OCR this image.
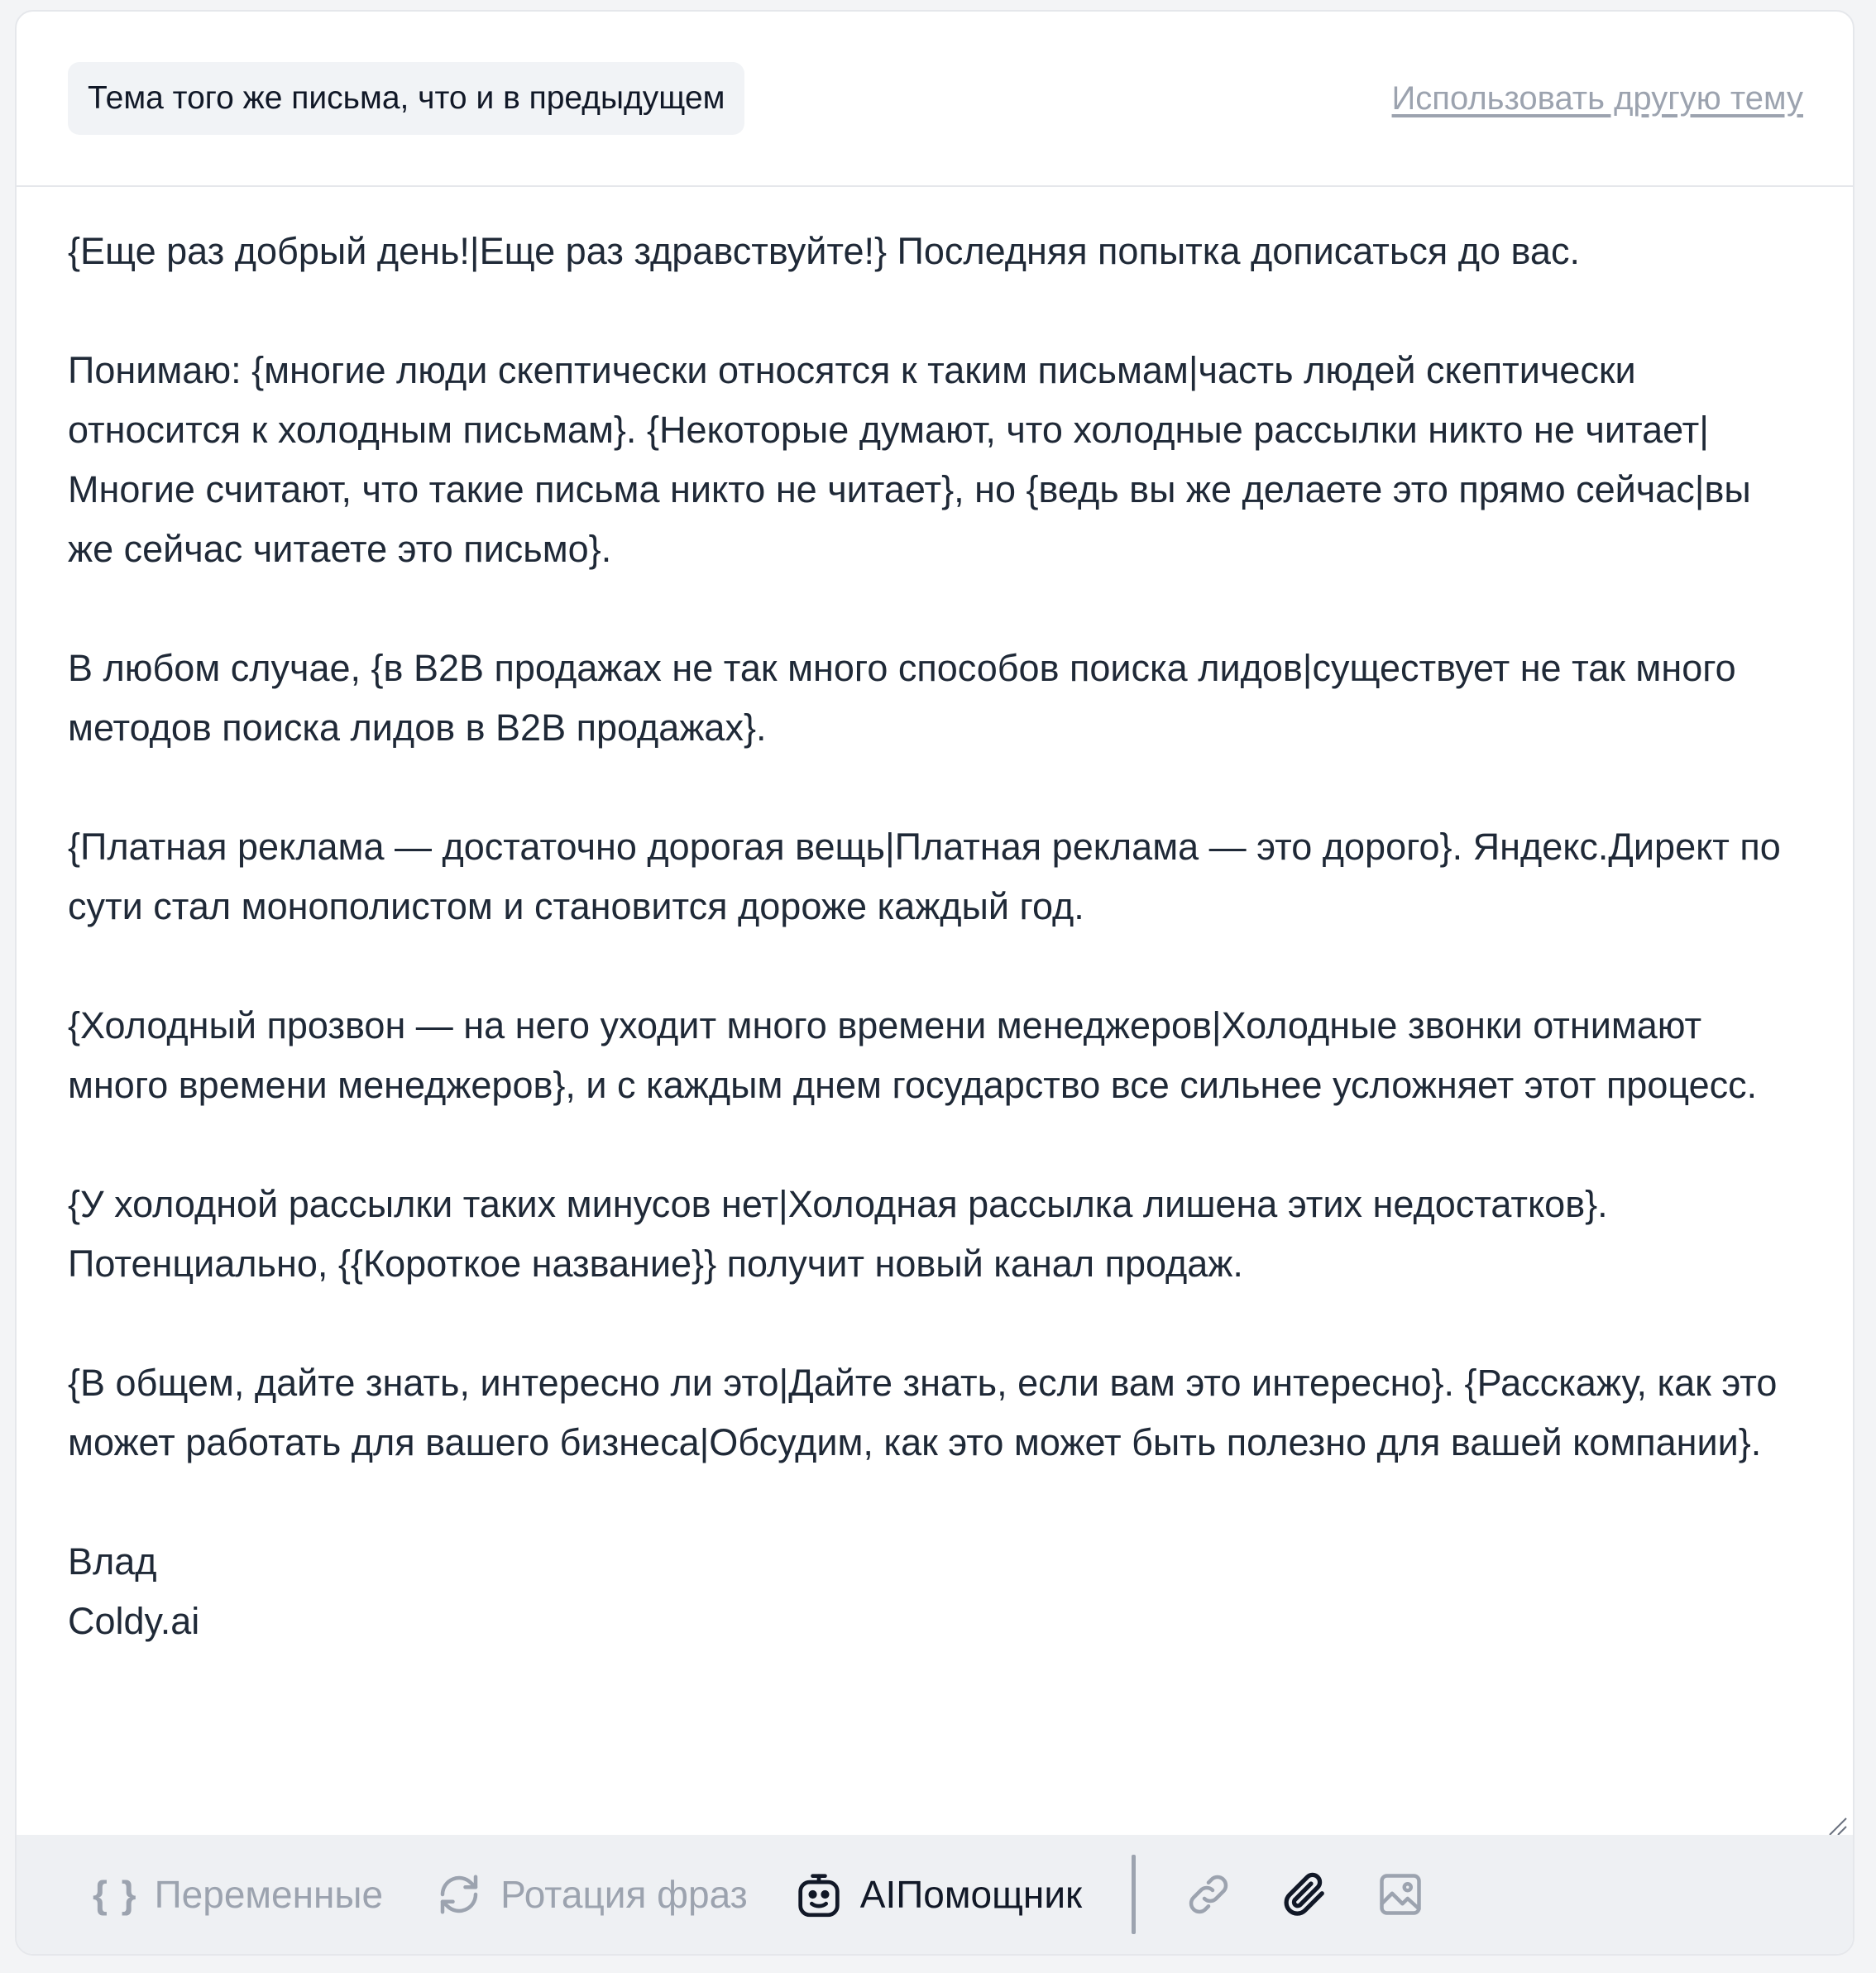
Тема того же письма, что и в предыдущем	Использовать другую тему

{Еще раз добрый день!|Еще раз здравствуйте!} Последняя попытка дописаться до вас.

Понимаю: {многие люди скептически относятся к таким письмам|часть людей скептически относится к холодным письмам}. {Некоторые думают, что холодные рассылки никто не читает|Многие считают, что такие письма никто не читает}, но {ведь вы же делаете это прямо сейчас|вы же сейчас читаете это письмо}.

В любом случае, {в B2B продажах не так много способов поиска лидов|существует не так много методов поиска лидов в B2B продажах}.

{Платная реклама — достаточно дорогая вещь|Платная реклама — это дорого}. Яндекс.Директ по сути стал монополистом и становится дороже каждый год.

{Холодный прозвон — на него уходит много времени менеджеров|Холодные звонки отнимают много времени менеджеров}, и с каждым днем государство все сильнее усложняет этот процесс.

{У холодной рассылки таких минусов нет|Холодная рассылка лишена этих недостатков}. Потенциально, {{Короткое название}} получит новый канал продаж.

{В общем, дайте знать, интересно ли это|Дайте знать, если вам это интересно}. {Расскажу, как это может работать для вашего бизнеса|Обсудим, как это может быть полезно для вашей компании}.

Влад
Coldy.ai
{ } Переменные	Ротация фраз	AIПомощник
